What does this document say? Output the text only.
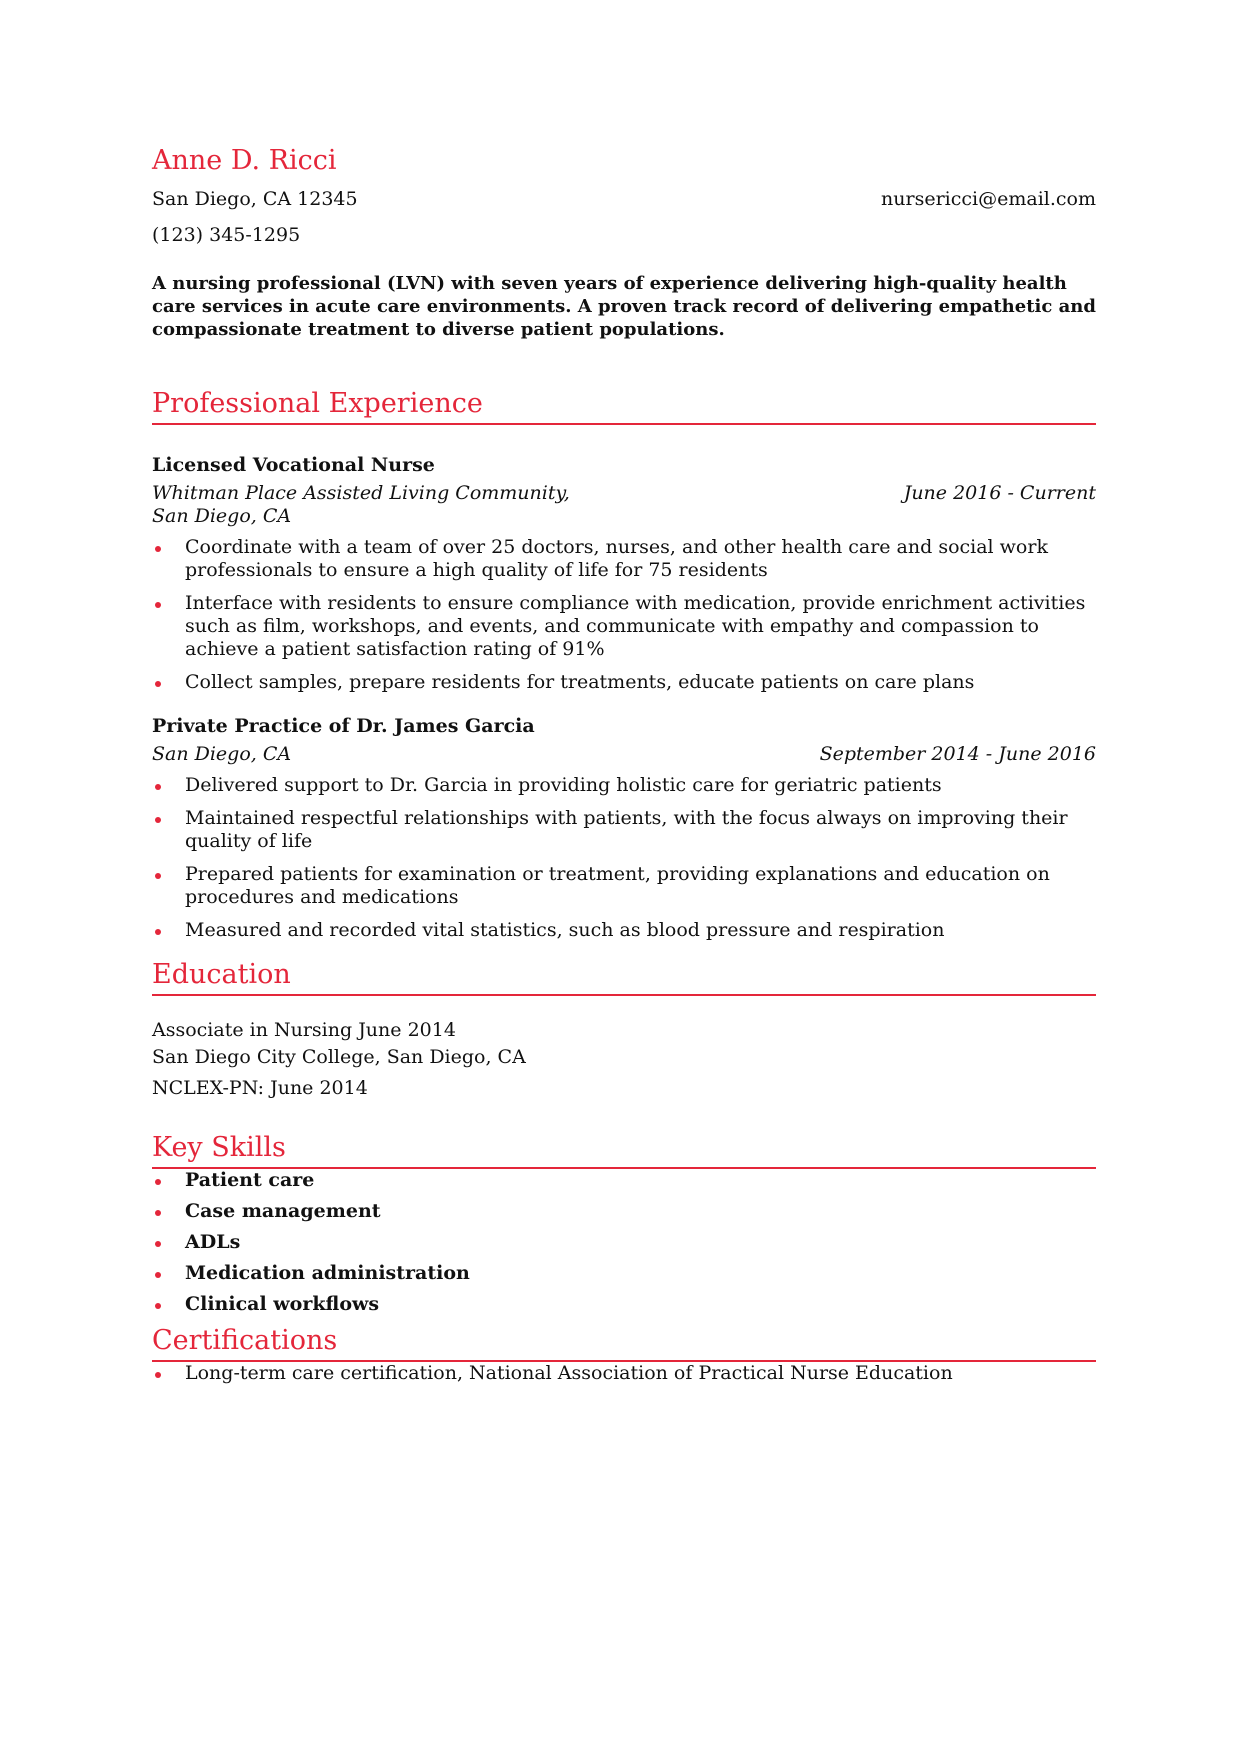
Anne D. Ricci
San Diego, CA 12345	nursericci@email.com
(123) 345-1295

A nursing professional (LVN) with seven years of experience delivering high-quality health care services in acute care environments. A proven track record of delivering empathetic and compassionate treatment to diverse patient populations.

Professional Experience
Licensed Vocational Nurse
Whitman Place Assisted Living Community, San Diego, CA
June 2016 - Current
Coordinate with a team of over 25 doctors, nurses, and other health care and social work professionals to ensure a high quality of life for 75 residents
Interface with residents to ensure compliance with medication, provide enrichment activities such as film, workshops, and events, and communicate with empathy and compassion to achieve a patient satisfaction rating of 91%
Collect samples, prepare residents for treatments, educate patients on care plans
Private Practice of Dr. James Garcia
San Diego, CA	September 2014 - June 2016
Delivered support to Dr. Garcia in providing holistic care for geriatric patients
Maintained respectful relationships with patients, with the focus always on improving their quality of life
Prepared patients for examination or treatment, providing explanations and education on procedures and medications
Measured and recorded vital statistics, such as blood pressure and respiration
Education
Associate in Nursing June 2014
San Diego City College, San Diego, CA
NCLEX-PN: June 2014
Key Skills
Patient care
Case management
ADLs
Medication administration
Clinical workflows
Certifications
Long-term care certification, National Association of Practical Nurse Education
